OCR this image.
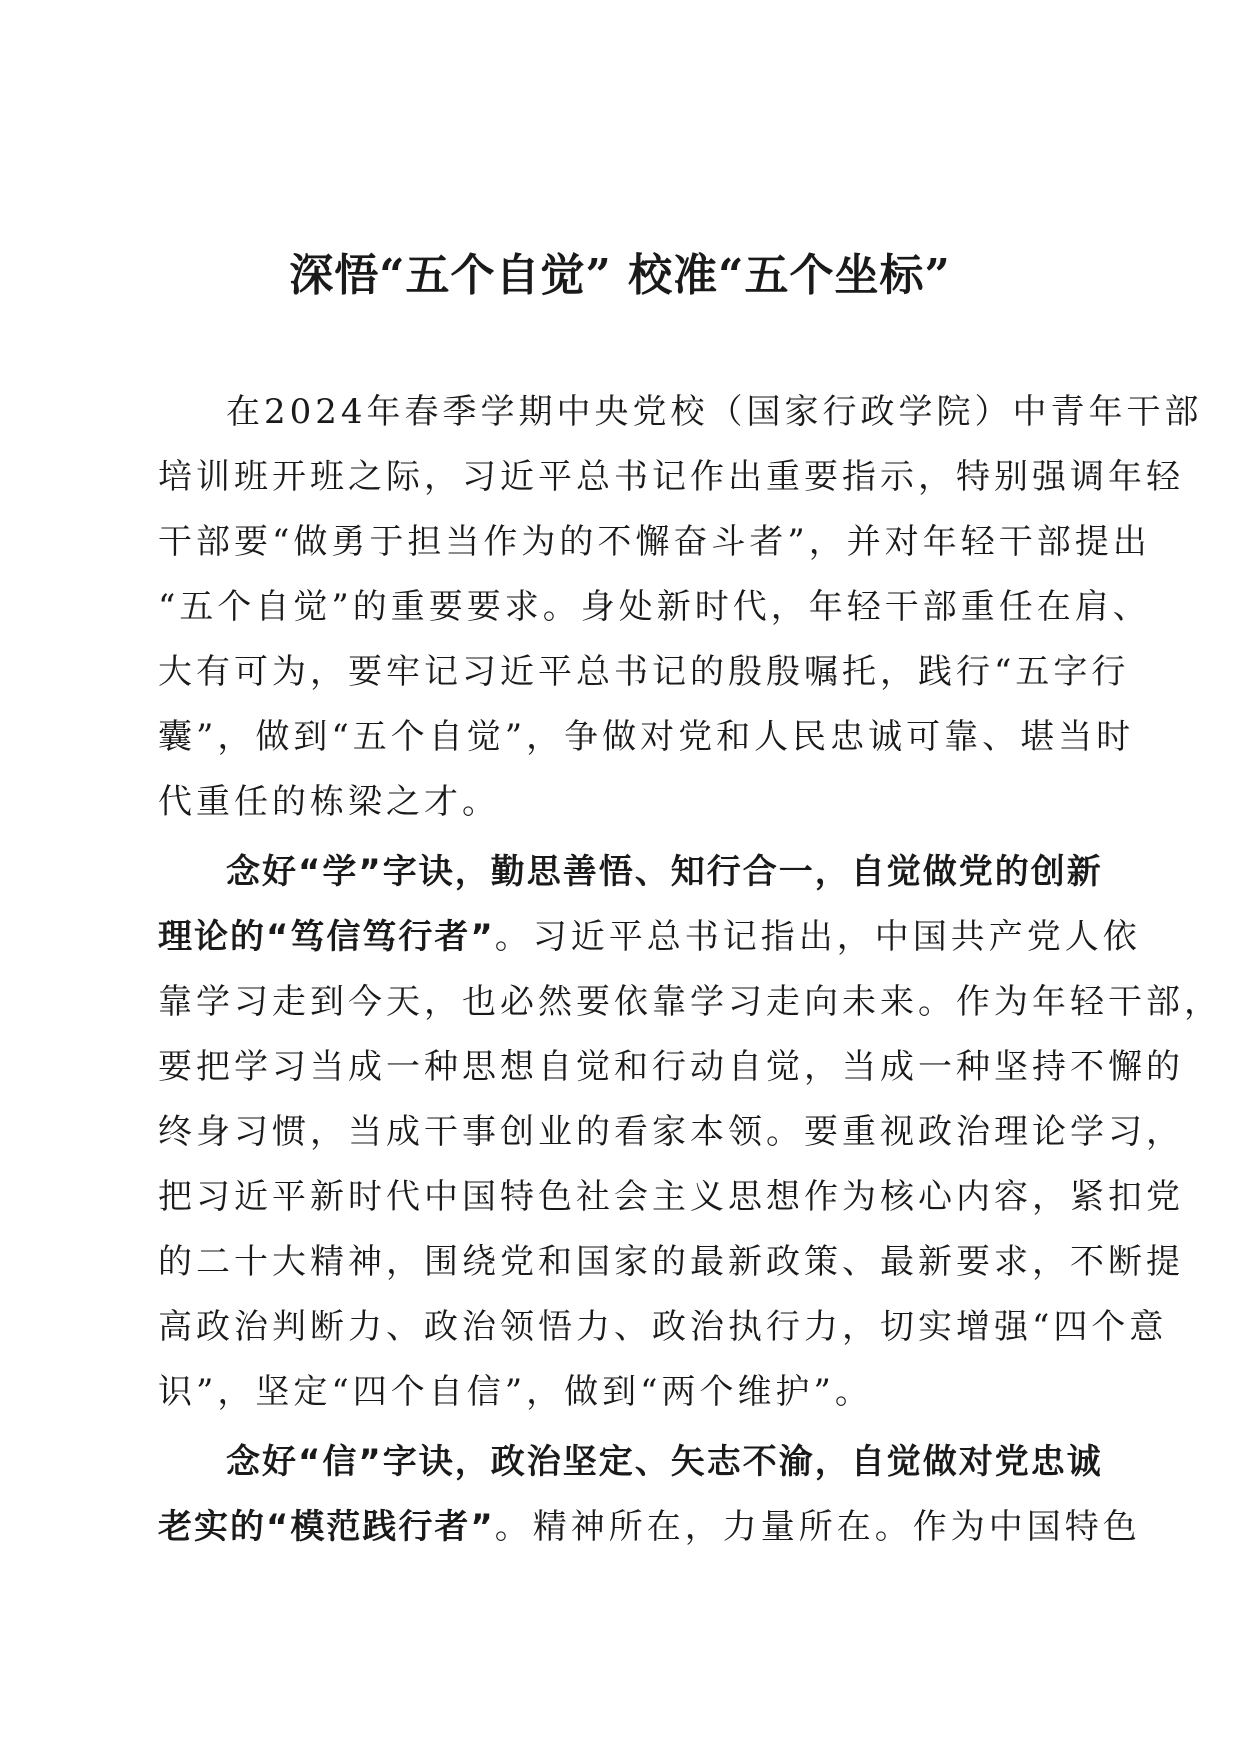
深悟“五个自觉” 校准“五个坐标”
在2024年春季学期中央党校（国家行政学院）中青年干部
培训班开班之际，习近平总书记作出重要指示，特别强调年轻
干部要“做勇于担当作为的不懈奋斗者”，并对年轻干部提出
“五个自觉”的重要要求。身处新时代，年轻干部重任在肩、
大有可为，要牢记习近平总书记的殷殷嘱托，践行“五字行
囊”，做到“五个自觉”，争做对党和人民忠诚可靠、堪当时
代重任的栋梁之才。
念好“学”字诀，勤思善悟、知行合一，自觉做党的创新
理论的“笃信笃行者”。习近平总书记指出，中国共产党人依
靠学习走到今天，也必然要依靠学习走向未来。作为年轻干部，
要把学习当成一种思想自觉和行动自觉，当成一种坚持不懈的
终身习惯，当成干事创业的看家本领。要重视政治理论学习，
把习近平新时代中国特色社会主义思想作为核心内容，紧扣党
的二十大精神，围绕党和国家的最新政策、最新要求，不断提
高政治判断力、政治领悟力、政治执行力，切实增强“四个意
识”，坚定“四个自信”，做到“两个维护”。
念好“信”字诀，政治坚定、矢志不渝，自觉做对党忠诚
老实的“模范践行者”。精神所在，力量所在。作为中国特色
